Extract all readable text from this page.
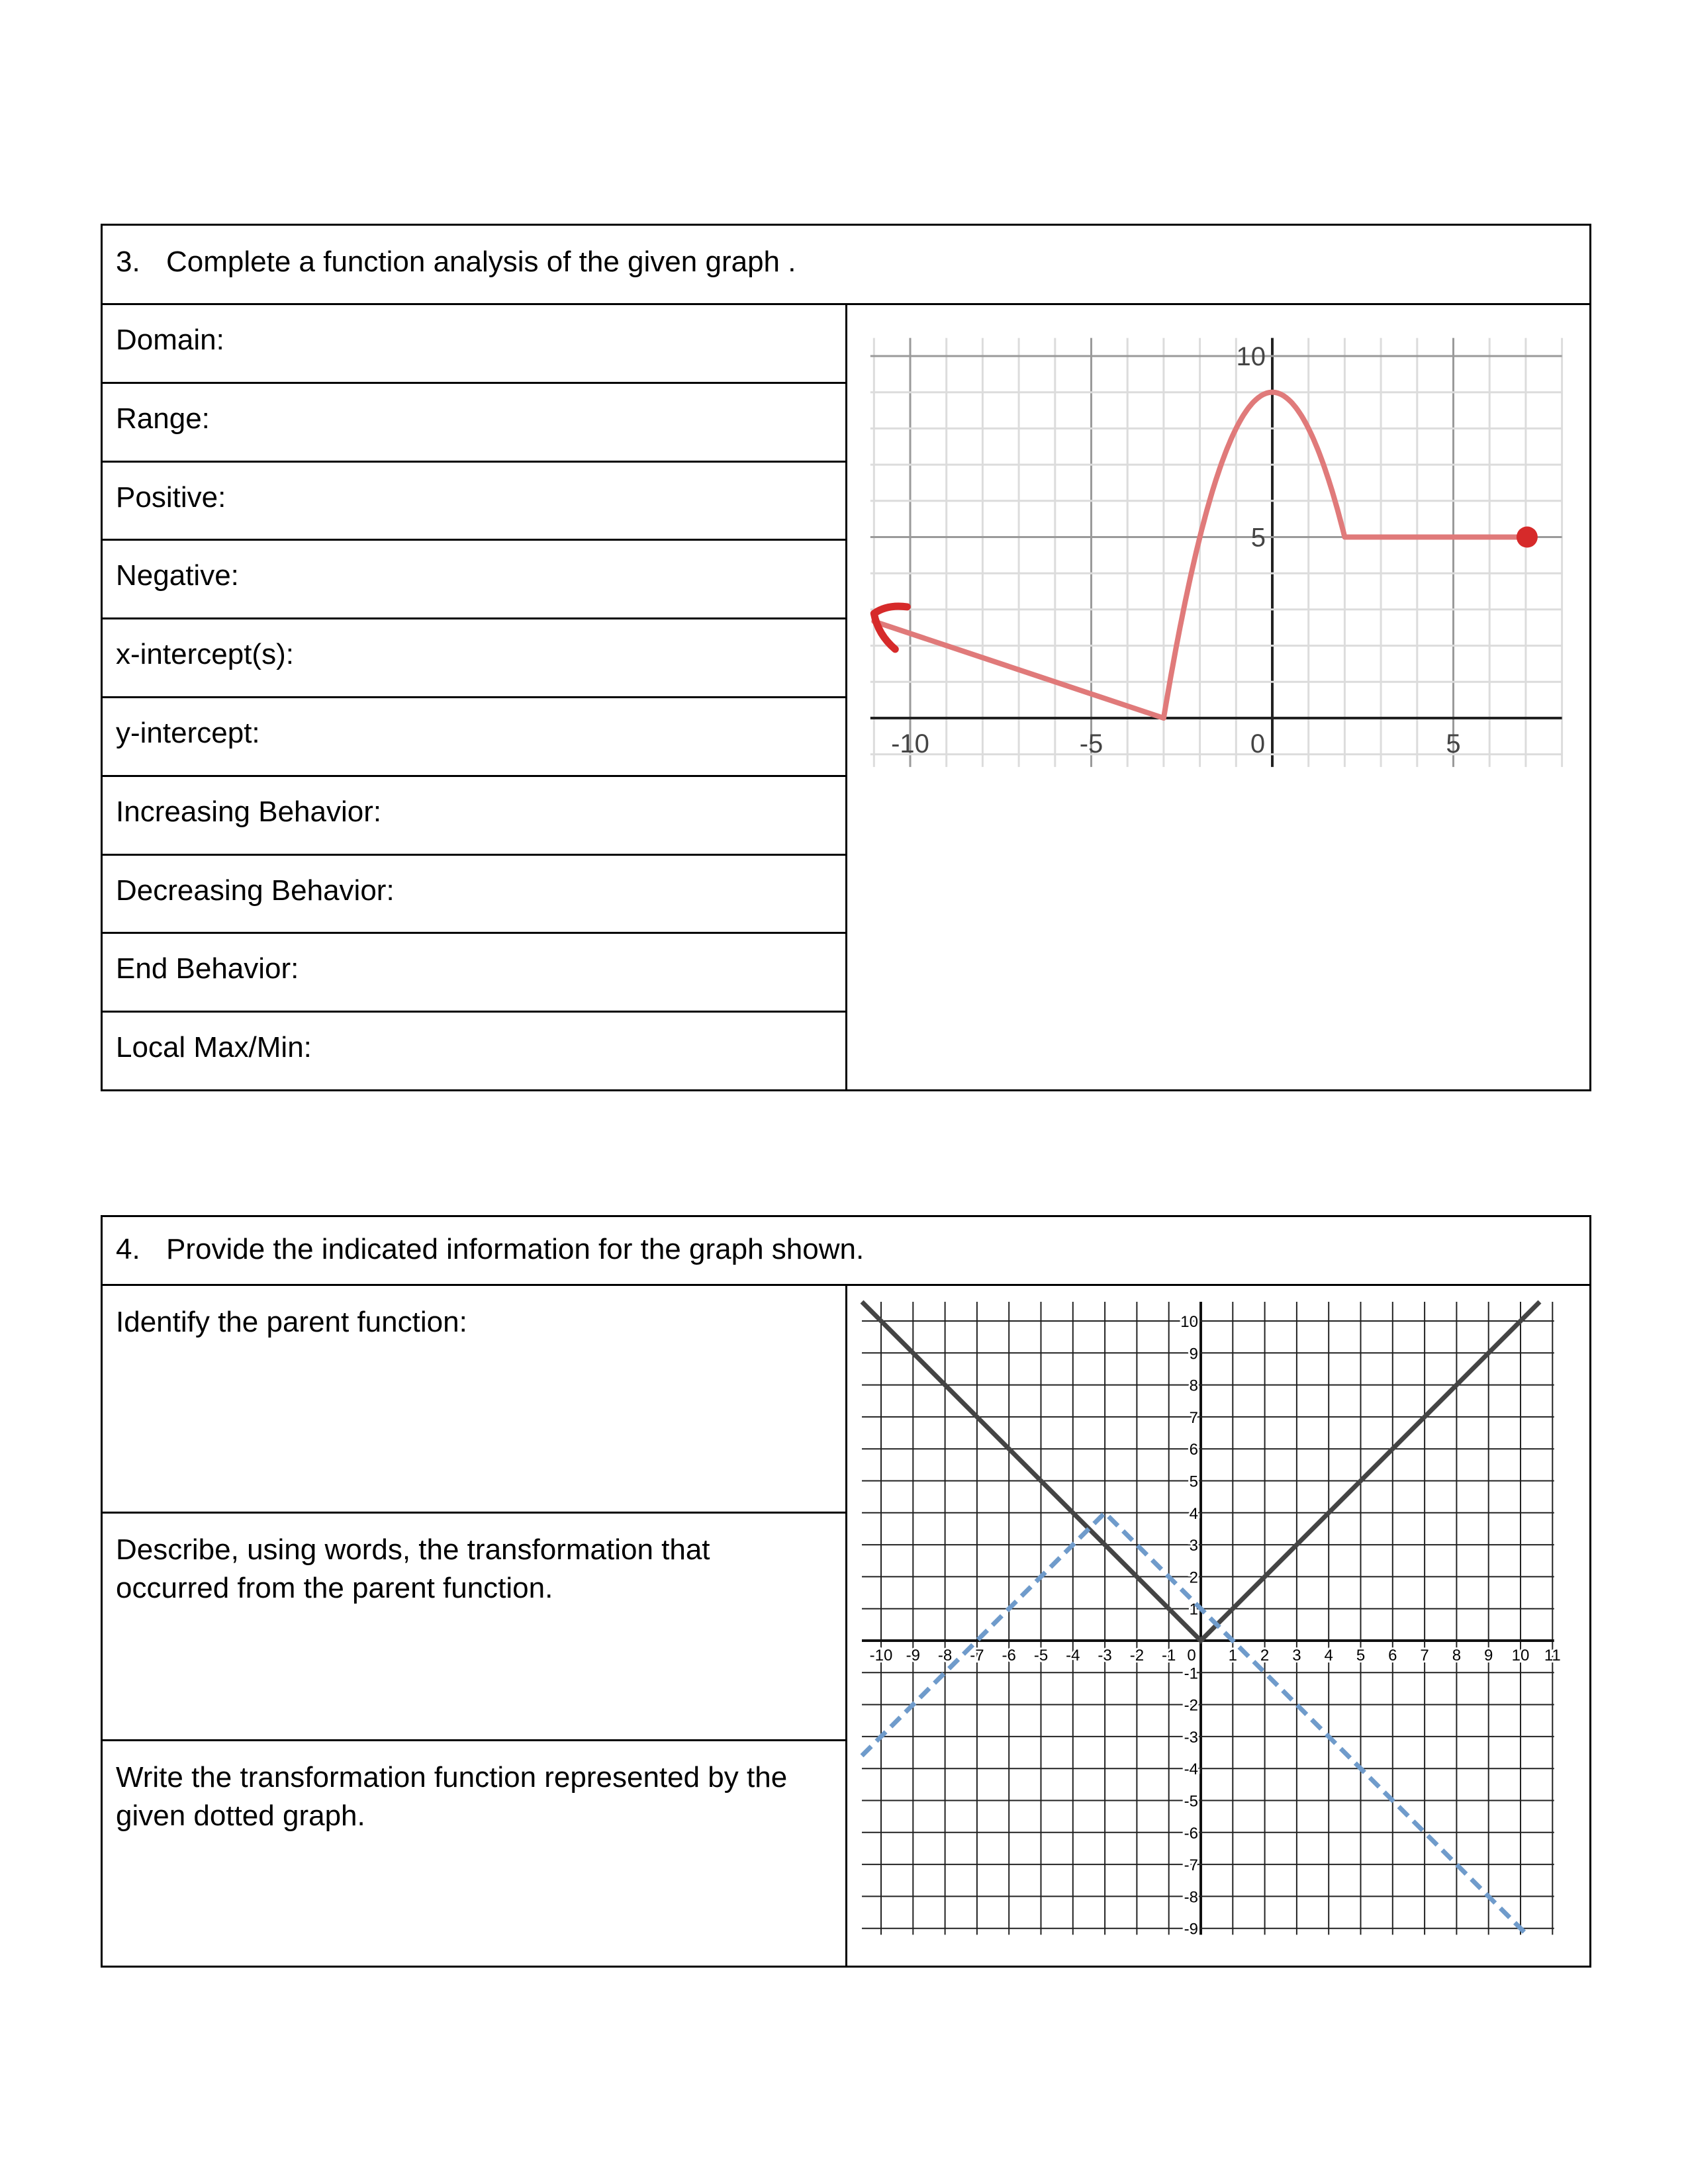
3. Complete a function analysis of the given graph .
Domain:
Range:
Positive:
Negative:
x-intercept(s):
y-intercept:
Increasing Behavior:
Decreasing Behavior:
End Behavior:
Local Max/Min:
-10	-5	0	5
5
10
4. Provide the indicated information for the graph shown.
Identify the parent function:
Describe, using words, the transformation that occurred from the parent function.
Write the transformation function represented by the given dotted graph.
-10 -9 -8 -7 -6 -5 -4 -3 -2 -1 0 1 2 3 4 5 6 7 8 9 10 11
10
9
8
7
6
5
4
3
2
1
-1
-2
-3
-4
-5
-6
-7
-8
-9
